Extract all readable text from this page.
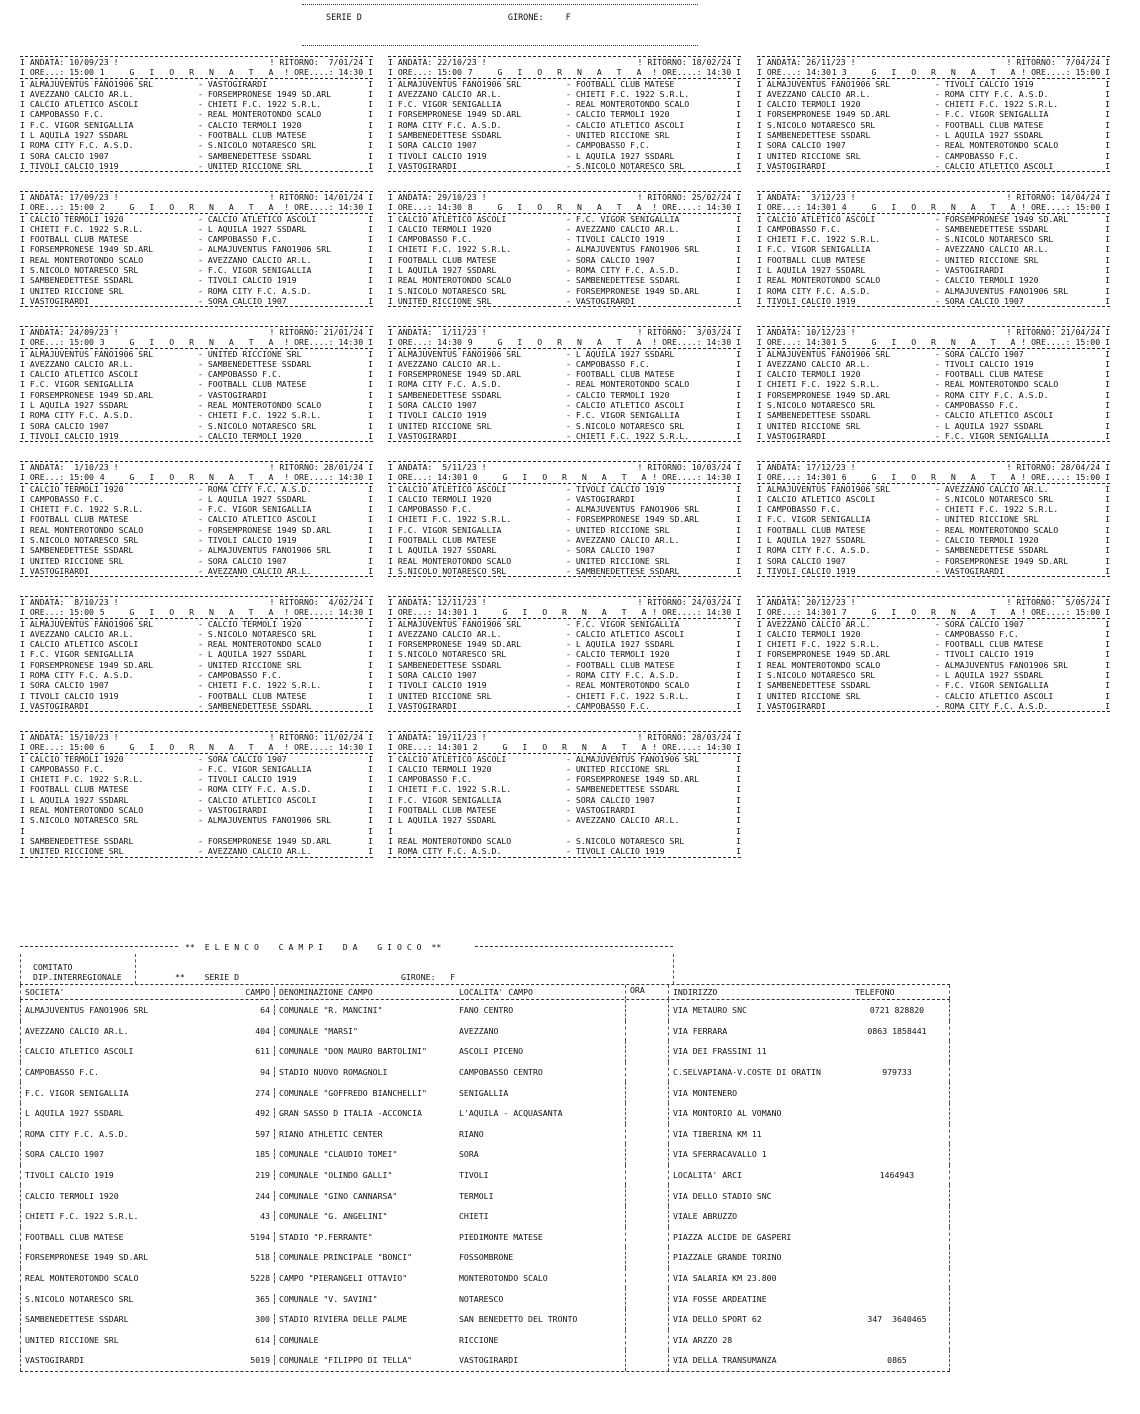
SERIE D	GIRONE:	F
I ANDATA: 10/09/23 !	! RITORNO:  7/01/24 I
I ORE...: 15:00 1  G I O R N A T A ! ORE....: 14:30 I
I ALMAJUVENTUS FANO1906 SRL	- VASTOGIRARDI	I
I AVEZZANO CALCIO AR.L.	- FORSEMPRONESE 1949 SD.ARL	I
I CALCIO ATLETICO ASCOLI	- CHIETI F.C. 1922 S.R.L.	I
I CAMPOBASSO F.C.	- REAL MONTEROTONDO SCALO	I
I F.C. VIGOR SENIGALLIA	- CALCIO TERMOLI 1920	I
I L AQUILA 1927 SSDARL	- FOOTBALL CLUB MATESE	I
I ROMA CITY F.C. A.S.D.	- S.NICOLO NOTARESCO SRL	I
I SORA CALCIO 1907	- SAMBENEDETTESE SSDARL	I
I TIVOLI CALCIO 1919	- UNITED RICCIONE SRL	I
I ANDATA: 22/10/23 !	! RITORNO: 18/02/24 I
I ORE...: 15:00 7  G I O R N A T A ! ORE....: 14:30 I
I ALMAJUVENTUS FANO1906 SRL	- FOOTBALL CLUB MATESE	I
I AVEZZANO CALCIO AR.L.	- CHIETI F.C. 1922 S.R.L.	I
I F.C. VIGOR SENIGALLIA	- REAL MONTEROTONDO SCALO	I
I FORSEMPRONESE 1949 SD.ARL	- CALCIO TERMOLI 1920	I
I ROMA CITY F.C. A.S.D.	- CALCIO ATLETICO ASCOLI	I
I SAMBENEDETTESE SSDARL	- UNITED RICCIONE SRL	I
I SORA CALCIO 1907	- CAMPOBASSO F.C.	I
I TIVOLI CALCIO 1919	- L AQUILA 1927 SSDARL	I
I VASTOGIRARDI	- S.NICOLO NOTARESCO SRL	I
I ANDATA: 26/11/23 !	! RITORNO:  7/04/24 I
I ORE...: 14:30 13  G I O R N A T A ! ORE....: 15:00 I
I ALMAJUVENTUS FANO1906 SRL	- TIVOLI CALCIO 1919	I
I AVEZZANO CALCIO AR.L.	- ROMA CITY F.C. A.S.D.	I
I CALCIO TERMOLI 1920	- CHIETI F.C. 1922 S.R.L.	I
I FORSEMPRONESE 1949 SD.ARL	- F.C. VIGOR SENIGALLIA	I
I S.NICOLO NOTARESCO SRL	- FOOTBALL CLUB MATESE	I
I SAMBENEDETTESE SSDARL	- L AQUILA 1927 SSDARL	I
I SORA CALCIO 1907	- REAL MONTEROTONDO SCALO	I
I UNITED RICCIONE SRL	- CAMPOBASSO F.C.	I
I VASTOGIRARDI	- CALCIO ATLETICO ASCOLI	I
I ANDATA: 17/09/23 !	! RITORNO: 14/01/24 I
I ORE...: 15:00 2  G I O R N A T A ! ORE....: 14:30 I
I CALCIO TERMOLI 1920	- CALCIO ATLETICO ASCOLI	I
I CHIETI F.C. 1922 S.R.L.	- L AQUILA 1927 SSDARL	I
I FOOTBALL CLUB MATESE	- CAMPOBASSO F.C.	I
I FORSEMPRONESE 1949 SD.ARL	- ALMAJUVENTUS FANO1906 SRL	I
I REAL MONTEROTONDO SCALO	- AVEZZANO CALCIO AR.L.	I
I S.NICOLO NOTARESCO SRL	- F.C. VIGOR SENIGALLIA	I
I SAMBENEDETTESE SSDARL	- TIVOLI CALCIO 1919	I
I UNITED RICCIONE SRL	- ROMA CITY F.C. A.S.D.	I
I VASTOGIRARDI	- SORA CALCIO 1907	I
I ANDATA: 29/10/23 !	! RITORNO: 25/02/24 I
I ORE...: 14:30 8  G I O R N A T A ! ORE....: 14:30 I
I CALCIO ATLETICO ASCOLI	- F.C. VIGOR SENIGALLIA	I
I CALCIO TERMOLI 1920	- AVEZZANO CALCIO AR.L.	I
I CAMPOBASSO F.C.	- TIVOLI CALCIO 1919	I
I CHIETI F.C. 1922 S.R.L.	- ALMAJUVENTUS FANO1906 SRL	I
I FOOTBALL CLUB MATESE	- SORA CALCIO 1907	I
I L AQUILA 1927 SSDARL	- ROMA CITY F.C. A.S.D.	I
I REAL MONTEROTONDO SCALO	- SAMBENEDETTESE SSDARL	I
I S.NICOLO NOTARESCO SRL	- FORSEMPRONESE 1949 SD.ARL	I
I UNITED RICCIONE SRL	- VASTOGIRARDI	I
I ANDATA:  3/12/23 !	! RITORNO: 14/04/24 I
I ORE...: 14:30 14  G I O R N A T A ! ORE....: 15:00 I
I CALCIO ATLETICO ASCOLI	- FORSEMPRONESE 1949 SD.ARL	I
I CAMPOBASSO F.C.	- SAMBENEDETTESE SSDARL	I
I CHIETI F.C. 1922 S.R.L.	- S.NICOLO NOTARESCO SRL	I
I F.C. VIGOR SENIGALLIA	- AVEZZANO CALCIO AR.L.	I
I FOOTBALL CLUB MATESE	- UNITED RICCIONE SRL	I
I L AQUILA 1927 SSDARL	- VASTOGIRARDI	I
I REAL MONTEROTONDO SCALO	- CALCIO TERMOLI 1920	I
I ROMA CITY F.C. A.S.D.	- ALMAJUVENTUS FANO1906 SRL	I
I TIVOLI CALCIO 1919	- SORA CALCIO 1907	I
I ANDATA: 24/09/23 !	! RITORNO: 21/01/24 I
I ORE...: 15:00 3  G I O R N A T A ! ORE....: 14:30 I
I ALMAJUVENTUS FANO1906 SRL	- UNITED RICCIONE SRL	I
I AVEZZANO CALCIO AR.L.	- SAMBENEDETTESE SSDARL	I
I CALCIO ATLETICO ASCOLI	- CAMPOBASSO F.C.	I
I F.C. VIGOR SENIGALLIA	- FOOTBALL CLUB MATESE	I
I FORSEMPRONESE 1949 SD.ARL	- VASTOGIRARDI	I
I L AQUILA 1927 SSDARL	- REAL MONTEROTONDO SCALO	I
I ROMA CITY F.C. A.S.D.	- CHIETI F.C. 1922 S.R.L.	I
I SORA CALCIO 1907	- S.NICOLO NOTARESCO SRL	I
I TIVOLI CALCIO 1919	- CALCIO TERMOLI 1920	I
I ANDATA:  1/11/23 !	! RITORNO:  3/03/24 I
I ORE...: 14:30 9  G I O R N A T A ! ORE....: 14:30 I
I ALMAJUVENTUS FANO1906 SRL	- L AQUILA 1927 SSDARL	I
I AVEZZANO CALCIO AR.L.	- CAMPOBASSO F.C.	I
I FORSEMPRONESE 1949 SD.ARL	- FOOTBALL CLUB MATESE	I
I ROMA CITY F.C. A.S.D.	- REAL MONTEROTONDO SCALO	I
I SAMBENEDETTESE SSDARL	- CALCIO TERMOLI 1920	I
I SORA CALCIO 1907	- CALCIO ATLETICO ASCOLI	I
I TIVOLI CALCIO 1919	- F.C. VIGOR SENIGALLIA	I
I UNITED RICCIONE SRL	- S.NICOLO NOTARESCO SRL	I
I VASTOGIRARDI	- CHIETI F.C. 1922 S.R.L.	I
I ANDATA: 10/12/23 !	! RITORNO: 21/04/24 I
I ORE...: 14:30 15  G I O R N A T A ! ORE....: 15:00 I
I ALMAJUVENTUS FANO1906 SRL	- SORA CALCIO 1907	I
I AVEZZANO CALCIO AR.L.	- TIVOLI CALCIO 1919	I
I CALCIO TERMOLI 1920	- FOOTBALL CLUB MATESE	I
I CHIETI F.C. 1922 S.R.L.	- REAL MONTEROTONDO SCALO	I
I FORSEMPRONESE 1949 SD.ARL	- ROMA CITY F.C. A.S.D.	I
I S.NICOLO NOTARESCO SRL	- CAMPOBASSO F.C.	I
I SAMBENEDETTESE SSDARL	- CALCIO ATLETICO ASCOLI	I
I UNITED RICCIONE SRL	- L AQUILA 1927 SSDARL	I
I VASTOGIRARDI	- F.C. VIGOR SENIGALLIA	I
I ANDATA:  1/10/23 !	! RITORNO: 28/01/24 I
I ORE...: 15:00 4  G I O R N A T A ! ORE....: 14:30 I
I CALCIO TERMOLI 1920	- ROMA CITY F.C. A.S.D.	I
I CAMPOBASSO F.C.	- L AQUILA 1927 SSDARL	I
I CHIETI F.C. 1922 S.R.L.	- F.C. VIGOR SENIGALLIA	I
I FOOTBALL CLUB MATESE	- CALCIO ATLETICO ASCOLI	I
I REAL MONTEROTONDO SCALO	- FORSEMPRONESE 1949 SD.ARL	I
I S.NICOLO NOTARESCO SRL	- TIVOLI CALCIO 1919	I
I SAMBENEDETTESE SSDARL	- ALMAJUVENTUS FANO1906 SRL	I
I UNITED RICCIONE SRL	- SORA CALCIO 1907	I
I VASTOGIRARDI	- AVEZZANO CALCIO AR.L.	I
I ANDATA:  5/11/23 !	! RITORNO: 10/03/24 I
I ORE...: 14:30 10  G I O R N A T A ! ORE....: 14:30 I
I CALCIO ATLETICO ASCOLI	- TIVOLI CALCIO 1919	I
I CALCIO TERMOLI 1920	- VASTOGIRARDI	I
I CAMPOBASSO F.C.	- ALMAJUVENTUS FANO1906 SRL	I
I CHIETI F.C. 1922 S.R.L.	- FORSEMPRONESE 1949 SD.ARL	I
I F.C. VIGOR SENIGALLIA	- UNITED RICCIONE SRL	I
I FOOTBALL CLUB MATESE	- AVEZZANO CALCIO AR.L.	I
I L AQUILA 1927 SSDARL	- SORA CALCIO 1907	I
I REAL MONTEROTONDO SCALO	- UNITED RICCIONE SRL	I
I S.NICOLO NOTARESCO SRL	- SAMBENEDETTESE SSDARL	I
I ANDATA: 17/12/23 !	! RITORNO: 28/04/24 I
I ORE...: 14:30 16  G I O R N A T A ! ORE....: 15:00 I
I ALMAJUVENTUS FANO1906 SRL	- AVEZZANO CALCIO AR.L.	I
I CALCIO ATLETICO ASCOLI	- S.NICOLO NOTARESCO SRL	I
I CAMPOBASSO F.C.	- CHIETI F.C. 1922 S.R.L.	I
I F.C. VIGOR SENIGALLIA	- UNITED RICCIONE SRL	I
I FOOTBALL CLUB MATESE	- REAL MONTEROTONDO SCALO	I
I L AQUILA 1927 SSDARL	- CALCIO TERMOLI 1920	I
I ROMA CITY F.C. A.S.D.	- SAMBENEDETTESE SSDARL	I
I SORA CALCIO 1907	- FORSEMPRONESE 1949 SD.ARL	I
I TIVOLI CALCIO 1919	- VASTOGIRARDI	I
I ANDATA:  8/10/23 !	! RITORNO:  4/02/24 I
I ORE...: 15:00 5  G I O R N A T A ! ORE....: 14:30 I
I ALMAJUVENTUS FANO1906 SRL	- CALCIO TERMOLI 1920	I
I AVEZZANO CALCIO AR.L.	- S.NICOLO NOTARESCO SRL	I
I CALCIO ATLETICO ASCOLI	- REAL MONTEROTONDO SCALO	I
I F.C. VIGOR SENIGALLIA	- L AQUILA 1927 SSDARL	I
I FORSEMPRONESE 1949 SD.ARL	- UNITED RICCIONE SRL	I
I ROMA CITY F.C. A.S.D.	- CAMPOBASSO F.C.	I
I SORA CALCIO 1907	- CHIETI F.C. 1922 S.R.L.	I
I TIVOLI CALCIO 1919	- FOOTBALL CLUB MATESE	I
I VASTOGIRARDI	- SAMBENEDETTESE SSDARL	I
I ANDATA: 12/11/23 !	! RITORNO: 24/03/24 I
I ORE...: 14:30 11  G I O R N A T A ! ORE....: 14:30 I
I ALMAJUVENTUS FANO1906 SRL	- F.C. VIGOR SENIGALLIA	I
I AVEZZANO CALCIO AR.L.	- CALCIO ATLETICO ASCOLI	I
I FORSEMPRONESE 1949 SD.ARL	- L AQUILA 1927 SSDARL	I
I S.NICOLO NOTARESCO SRL	- CALCIO TERMOLI 1920	I
I SAMBENEDETTESE SSDARL	- FOOTBALL CLUB MATESE	I
I SORA CALCIO 1907	- ROMA CITY F.C. A.S.D.	I
I TIVOLI CALCIO 1919	- REAL MONTEROTONDO SCALO	I
I UNITED RICCIONE SRL	- CHIETI F.C. 1922 S.R.L.	I
I VASTOGIRARDI	- CAMPOBASSO F.C.	I
I ANDATA: 20/12/23 !	! RITORNO:  5/05/24 I
I ORE...: 14:30 17  G I O R N A T A ! ORE....: 15:00 I
I AVEZZANO CALCIO AR.L.	- SORA CALCIO 1907	I
I CALCIO TERMOLI 1920	- CAMPOBASSO F.C.	I
I CHIETI F.C. 1922 S.R.L.	- FOOTBALL CLUB MATESE	I
I FORSEMPRONESE 1949 SD.ARL	- TIVOLI CALCIO 1919	I
I REAL MONTEROTONDO SCALO	- ALMAJUVENTUS FANO1906 SRL	I
I S.NICOLO NOTARESCO SRL	- L AQUILA 1927 SSDARL	I
I SAMBENEDETTESE SSDARL	- F.C. VIGOR SENIGALLIA	I
I UNITED RICCIONE SRL	- CALCIO ATLETICO ASCOLI	I
I VASTOGIRARDI	- ROMA CITY F.C. A.S.D.	I
I ANDATA: 15/10/23 !	! RITORNO: 11/02/24 I
I ORE...: 15:00 6  G I O R N A T A ! ORE....: 14:30 I
I CALCIO TERMOLI 1920	- SORA CALCIO 1907	I
I CAMPOBASSO F.C.	- F.C. VIGOR SENIGALLIA	I
I CHIETI F.C. 1922 S.R.L.	- TIVOLI CALCIO 1919	I
I FOOTBALL CLUB MATESE	- ROMA CITY F.C. A.S.D.	I
I L AQUILA 1927 SSDARL	- CALCIO ATLETICO ASCOLI	I
I REAL MONTEROTONDO SCALO	- VASTOGIRARDI	I
I S.NICOLO NOTARESCO SRL	- ALMAJUVENTUS FANO1906 SRL	I
I	I
I SAMBENEDETTESE SSDARL	- FORSEMPRONESE 1949 SD.ARL	I
I UNITED RICCIONE SRL	- AVEZZANO CALCIO AR.L.	I
I ANDATA: 19/11/23 !	! RITORNO: 28/03/24 I
I ORE...: 14:30 12  G I O R N A T A ! ORE....: 14:30 I
I CALCIO ATLETICO ASCOLI	- ALMAJUVENTUS FANO1906 SRL	I
I CALCIO TERMOLI 1920	- UNITED RICCIONE SRL	I
I CAMPOBASSO F.C.	- FORSEMPRONESE 1949 SD.ARL	I
I CHIETI F.C. 1922 S.R.L.	- SAMBENEDETTESE SSDARL	I
I F.C. VIGOR SENIGALLIA	- SORA CALCIO 1907	I
I FOOTBALL CLUB MATESE	- VASTOGIRARDI	I
I L AQUILA 1927 SSDARL	- AVEZZANO CALCIO AR.L.	I
I	I
I REAL MONTEROTONDO SCALO	- S.NICOLO NOTARESCO SRL	I
I ROMA CITY F.C. A.S.D.	- TIVOLI CALCIO 1919	I
**  E L E N C O    C A M P I    D A    G I O C O  **
COMITATO
DIP.INTERREGIONALE	**    SERIE D	GIRONE:   F
SOCIETA'	CAMPO	DENOMINAZIONE CAMPO	LOCALITA' CAMPO	ORA	INDIRIZZO	TELEFONO
ALMAJUVENTUS FANO1906 SRL	64	COMUNALE "R. MANCINI"	FANO CENTRO	VIA METAURO SNC	0721 828820
AVEZZANO CALCIO AR.L.	404	COMUNALE "MARSI"	AVEZZANO	VIA FERRARA	0863 1858441
CALCIO ATLETICO ASCOLI	611	COMUNALE "DON MAURO BARTOLINI"	ASCOLI PICENO	VIA DEI FRASSINI 11
CAMPOBASSO F.C.	94	STADIO NUOVO ROMAGNOLI	CAMPOBASSO CENTRO	C.SELVAPIANA-V.COSTE DI ORATIN	979733
F.C. VIGOR SENIGALLIA	274	COMUNALE "GOFFREDO BIANCHELLI"	SENIGALLIA	VIA MONTENERO
L AQUILA 1927 SSDARL	492	GRAN SASSO D ITALIA -ACCONCIA	L'AQUILA - ACQUASANTA	VIA MONTORIO AL VOMANO
ROMA CITY F.C. A.S.D.	597	RIANO ATHLETIC CENTER	RIANO	VIA TIBERINA KM 11
SORA CALCIO 1907	185	COMUNALE "CLAUDIO TOMEI"	SORA	VIA SFERRACAVALLO 1
TIVOLI CALCIO 1919	219	COMUNALE "OLINDO GALLI"	TIVOLI	LOCALITA' ARCI	1464943
CALCIO TERMOLI 1920	244	COMUNALE "GINO CANNARSA"	TERMOLI	VIA DELLO STADIO SNC
CHIETI F.C. 1922 S.R.L.	43	COMUNALE "G. ANGELINI"	CHIETI	VIALE ABRUZZO
FOOTBALL CLUB MATESE	5194	STADIO "P.FERRANTE"	PIEDIMONTE MATESE	PIAZZA ALCIDE DE GASPERI
FORSEMPRONESE 1949 SD.ARL	518	COMUNALE PRINCIPALE "BONCI"	FOSSOMBRONE	PIAZZALE GRANDE TORINO
REAL MONTEROTONDO SCALO	5228	CAMPO "PIERANGELI OTTAVIO"	MONTEROTONDO SCALO	VIA SALARIA KM 23.800
S.NICOLO NOTARESCO SRL	365	COMUNALE "V. SAVINI"	NOTARESCO	VIA FOSSE ARDEATINE
SAMBENEDETTESE SSDARL	300	STADIO RIVIERA DELLE PALME	SAN BENEDETTO DEL TRONTO	VIA DELLO SPORT 62	347  3640465
UNITED RICCIONE SRL	614	COMUNALE	RICCIONE	VIA ARZZO 28
VASTOGIRARDI	5019	COMUNALE "FILIPPO DI TELLA"	VASTOGIRARDI	VIA DELLA TRANSUMANZA	0865
